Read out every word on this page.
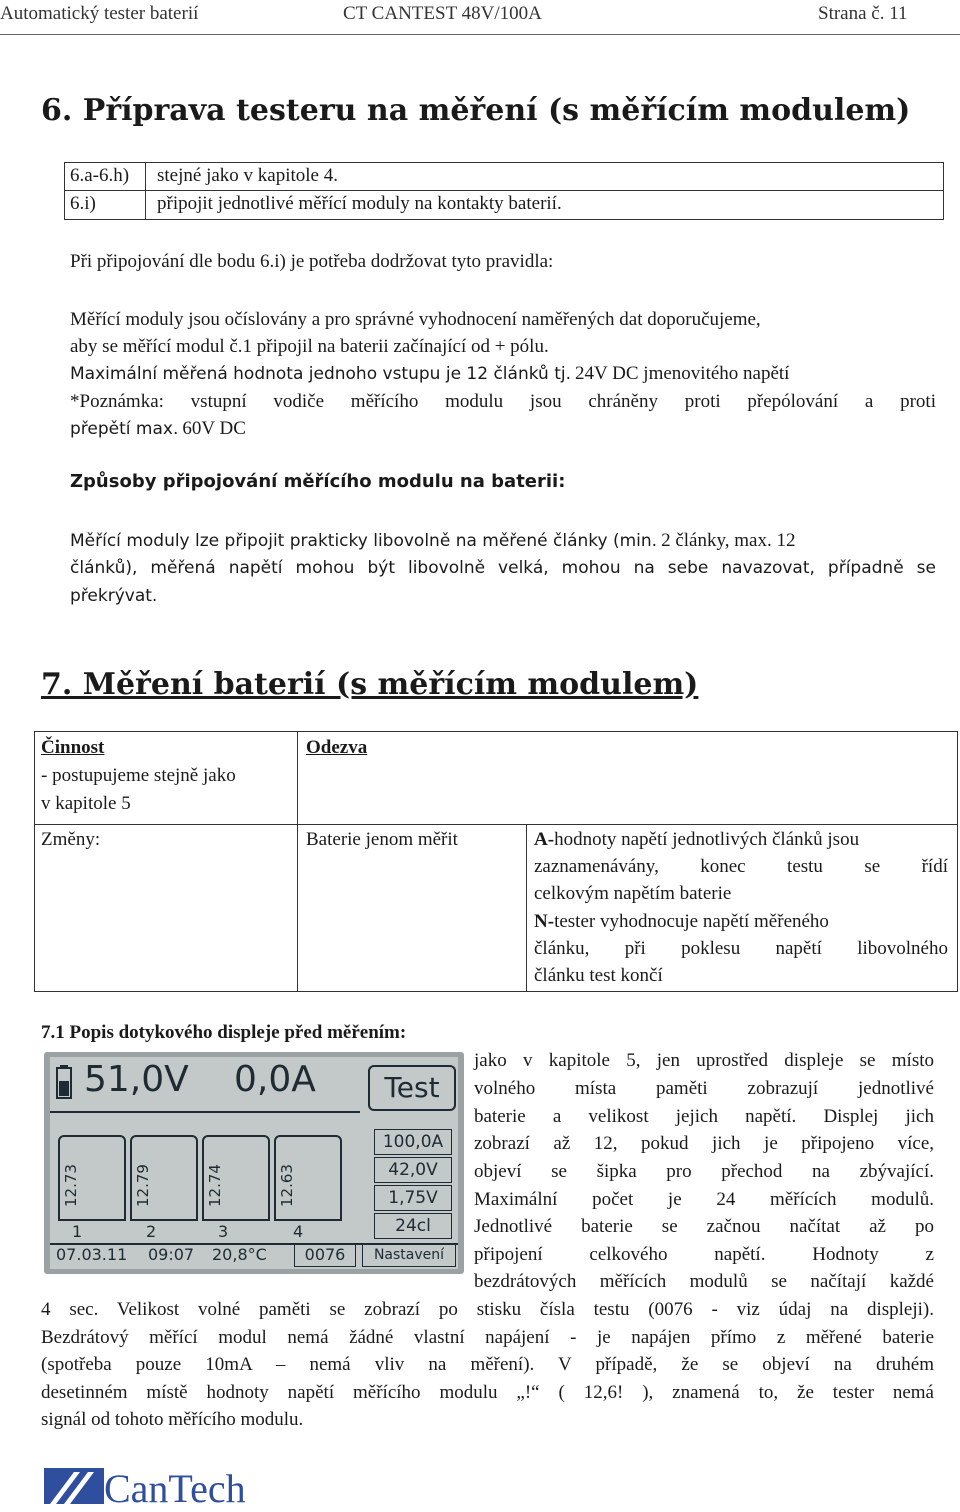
Automatický tester baterií	CT CANTEST 48V/100A	Strana č. 11
6. Příprava testeru na měření (s měřícím modulem)
6.a-6.h) stejné jako v kapitole 4.
6.i)	připojit jednotlivé měřící moduly na kontakty baterií.
Při připojování dle bodu 6.i) je potřeba dodržovat tyto pravidla:
Měřící moduly jsou očíslovány a pro správné vyhodnocení naměřených dat doporučujeme,
aby se měřící modul č.1 připojil na baterii začínající od + pólu.
Maximální měřená hodnota jednoho vstupu je 12 článků tj. 24V DC jmenovitého napětí
*Poznámka: vstupní vodiče měřícího modulu jsou chráněny proti přepólování a proti
přepětí max. 60V DC
Způsoby připojování měřícího modulu na baterii:
Měřící moduly lze připojit prakticky libovolně na měřené články (min. 2 články, max. 12
článků), měřená napětí mohou být libovolně velká, mohou na sebe navazovat, případně se
překrývat.
7. Měření baterií (s měřícím modulem)
Činnost	Odezva
- postupujeme stejně jako
v kapitole 5
Změny:	Baterie jenom měřit	A-hodnoty napětí jednotlivých článků jsou
zaznamenávány, konec testu se řídí
celkovým napětím baterie
N-tester vyhodnocuje napětí měřeného
článku, při poklesu napětí libovolného
článku test končí
7.1 Popis dotykového displeje před měřením:
jako v kapitole 5, jen uprostřed displeje se místo
volného místa paměti zobrazují jednotlivé
baterie a velikost jejich napětí. Displej jich
zobrazí až 12, pokud jich je připojeno více,
objeví se šipka pro přechod na zbývající.
Maximální počet je 24 měřících modulů.
Jednotlivé baterie se začnou načítat až po
připojení celkového napětí. Hodnoty z
bezdrátových měřících modulů se načítají každé
4 sec. Velikost volné paměti se zobrazí po stisku čísla testu (0076 - viz údaj na displeji).
Bezdrátový měřící modul nemá žádné vlastní napájení - je napájen přímo z měřené baterie
(spotřeba pouze 10mA – nemá vliv na měření). V případě, že se objeví na druhém
desetinném místě hodnoty napětí měřícího modulu „!“ ( 12,6! ), znamená to, že tester nemá
signál od tohoto měřícího modulu.
51,0V 0,0A	Test
12.73	12.79	12.74	12.63
1	2	3	4
100,0A
42,0V
1,75V
24cl
07.03.11 09:07 20,8°C	0076	Nastavení
CanTech
